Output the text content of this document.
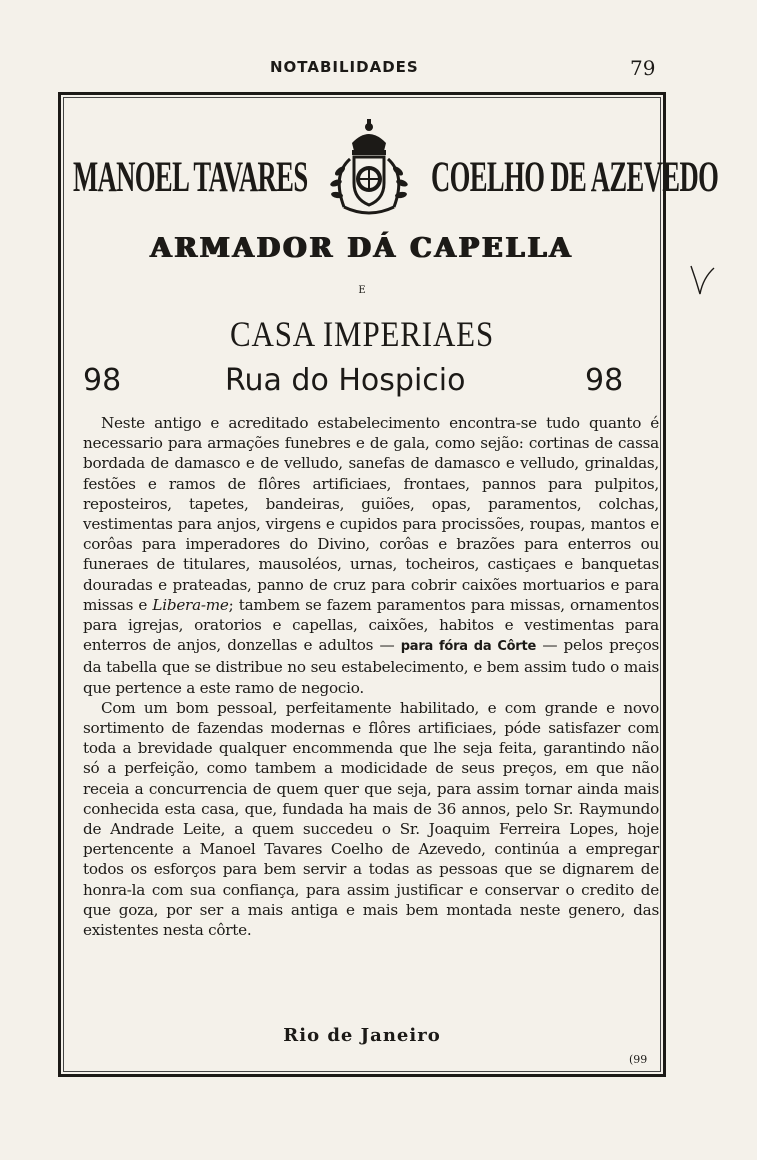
NOTABILIDADES	79
MANOEL TAVARES	COELHO DE AZEVEDO
ARMADOR DÁ CAPELLA
E
CASA IMPERIAES
98	Rua do Hospicio	98

Neste antigo e acreditado estabelecimento encontra-se tudo quanto é necessario para armações funebres e de gala, como sejão: cortinas de cassa bordada de damasco e de velludo, sanefas de damasco e velludo, grinaldas, festões e ramos de flôres artificiaes, frontaes, pannos para pulpitos, reposteiros, tapetes, bandeiras, guiões, opas, paramentos, colchas, vestimentas para anjos, virgens e cupidos para procissões, roupas, mantos e corôas para imperadores do Divino, corôas e brazões para enterros ou funeraes de titulares, mausoléos, urnas, tocheiros, castiçaes e banquetas douradas e prateadas, panno de cruz para cobrir caixões mortuarios e para missas e Libera-me; tambem se fazem paramentos para missas, ornamentos para igrejas, oratorios e capellas, caixões, habitos e vestimentas para enterros de anjos, donzellas e adultos — para fóra da Côrte — pelos preços da tabella que se distribue no seu estabelecimento, e bem assim tudo o mais que pertence a este ramo de negocio.

Com um bom pessoal, perfeitamente habilitado, e com grande e novo sortimento de fazendas modernas e flôres artificiaes, póde satisfazer com toda a brevidade qualquer encommenda que lhe seja feita, garantindo não só a perfeição, como tambem a modicidade de seus preços, em que não receia a concurrencia de quem quer que seja, para assim tornar ainda mais conhecida esta casa, que, fundada ha mais de 36 annos, pelo Sr. Raymundo de Andrade Leite, a quem succedeu o Sr. Joaquim Ferreira Lopes, hoje pertencente a Manoel Tavares Coelho de Azevedo, continúa a empregar todos os esforços para bem servir a todas as pessoas que se dignarem de honra-la com sua confiança, para assim justificar e conservar o credito de que goza, por ser a mais antiga e mais bem montada neste genero, das existentes nesta côrte.

Rio de Janeiro
(99
